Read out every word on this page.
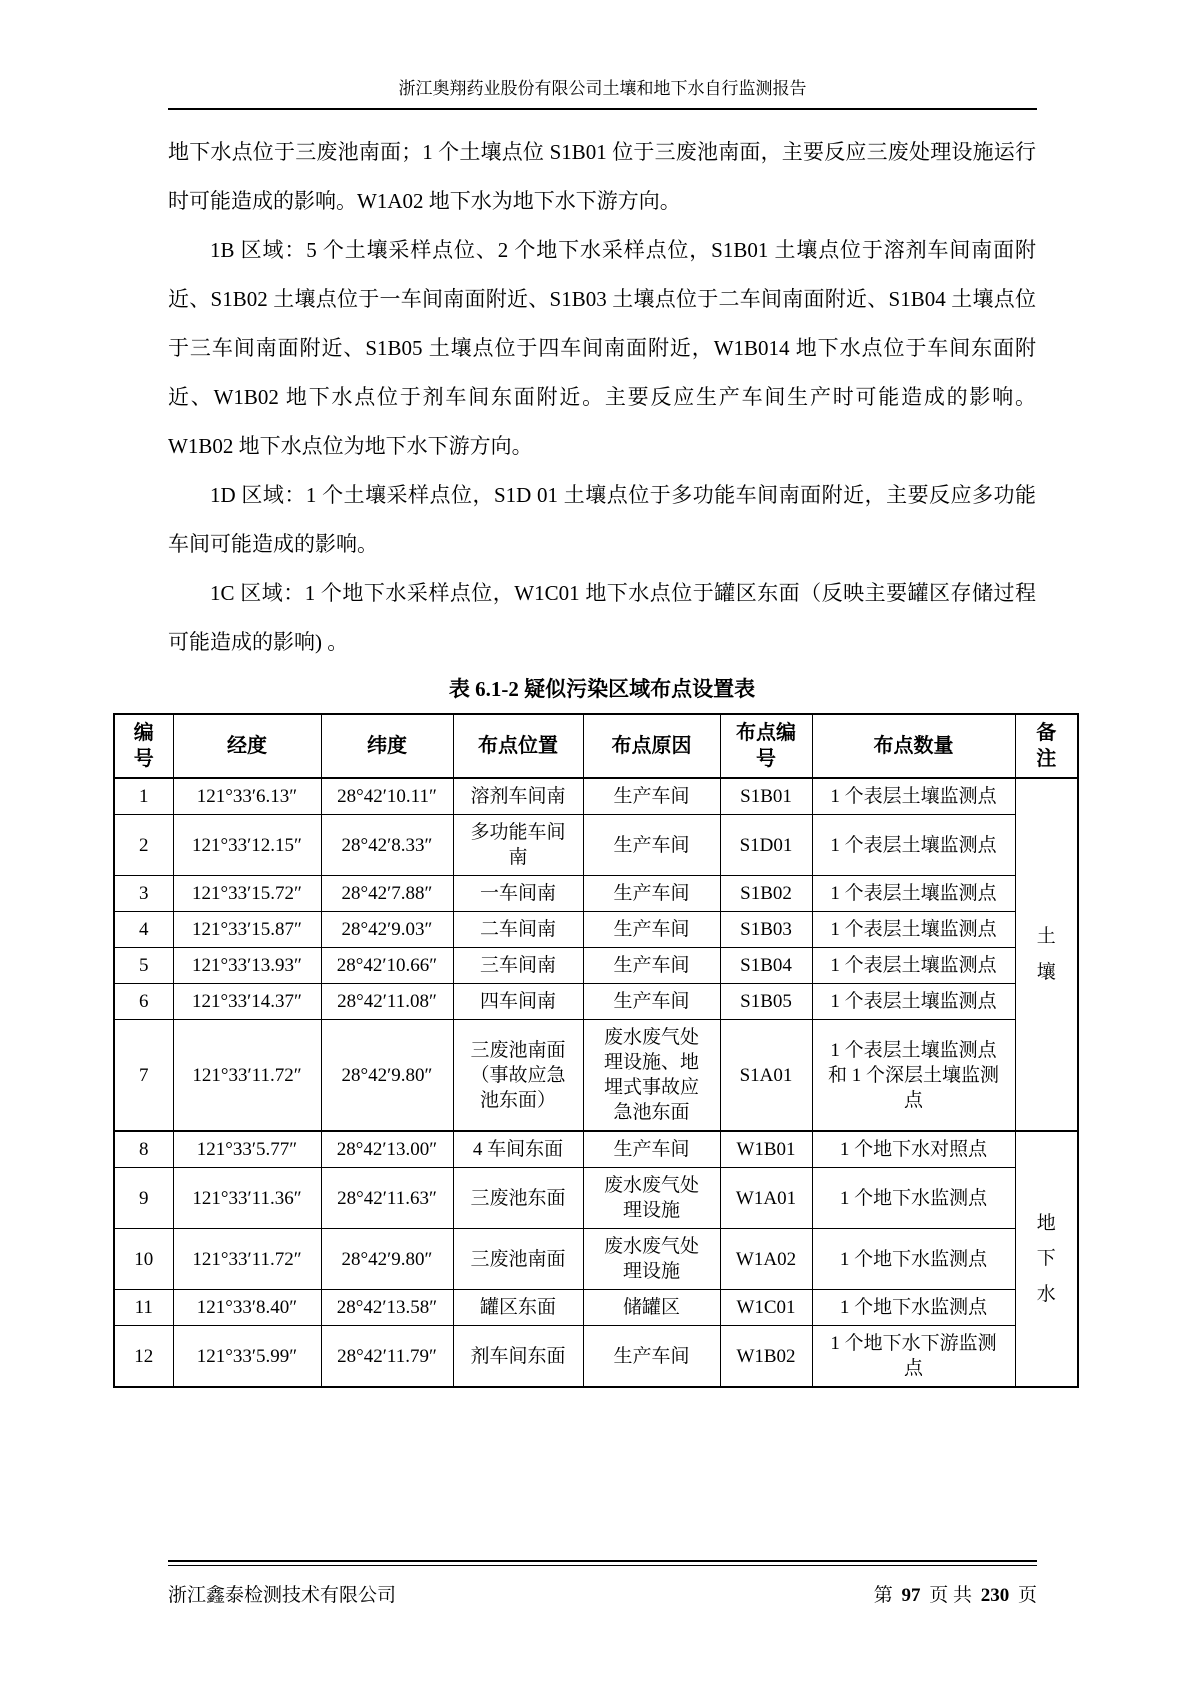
浙江奥翔药业股份有限公司土壤和地下水自行监测报告

地下水点位于三废池南面；1 个土壤点位 S1B01 位于三废池南面，主要反应三废处理设施运行时可能造成的影响。W1A02 地下水为地下水下游方向。

1B 区域：5 个土壤采样点位、2 个地下水采样点位，S1B01 土壤点位于溶剂车间南面附近、S1B02 土壤点位于一车间南面附近、S1B03 土壤点位于二车间南面附近、S1B04 土壤点位于三车间南面附近、S1B05 土壤点位于四车间南面附近，W1B014 地下水点位于车间东面附近、W1B02 地下水点位于剂车间东面附近。主要反应生产车间生产时可能造成的影响。 W1B02 地下水点位为地下水下游方向。

1D 区域：1 个土壤采样点位，S1D 01 土壤点位于多功能车间南面附近，主要反应多功能车间可能造成的影响。

1C 区域：1 个地下水采样点位，W1C01 地下水点位于罐区东面（反映主要罐区存储过程可能造成的影响) 。

表 6.1-2 疑似污染区域布点设置表
编号	经度	纬度	布点位置	布点原因	布点编号	布点数量	备注

1	121°33′6.13″	28°42′10.11″	溶剂车间南	生产车间	S1B01	1 个表层土壤监测点	土壤

2	121°33′12.15″	28°42′8.33″	多功能车间南	生产车间	S1D01	1 个表层土壤监测点	

3	121°33′15.72″	28°42′7.88″	一车间南	生产车间	S1B02	1 个表层土壤监测点	

4	121°33′15.87″	28°42′9.03″	二车间南	生产车间	S1B03	1 个表层土壤监测点	

5	121°33′13.93″	28°42′10.66″	三车间南	生产车间	S1B04	1 个表层土壤监测点	

6	121°33′14.37″	28°42′11.08″	四车间南	生产车间	S1B05	1 个表层土壤监测点	

7	121°33′11.72″	28°42′9.80″	三废池南面（事故应急池东面）	废水废气处理设施、地埋式事故应急池东面	S1A01	1 个表层土壤监测点和 1 个深层土壤监测点	

8	121°33′5.77″	28°42′13.00″	4 车间东面	生产车间	W1B01	1 个地下水对照点	地下水

9	121°33′11.36″	28°42′11.63″	三废池东面	废水废气处理设施	W1A01	1 个地下水监测点	

10	121°33′11.72″	28°42′9.80″	三废池南面	废水废气处理设施	W1A02	1 个地下水监测点	

11	121°33′8.40″	28°42′13.58″	罐区东面	储罐区	W1C01	1 个地下水监测点	

12	121°33′5.99″	28°42′11.79″	剂车间东面	生产车间	W1B02	1 个地下水下游监测点	
浙江鑫泰检测技术有限公司	第 97 页 共 230 页
